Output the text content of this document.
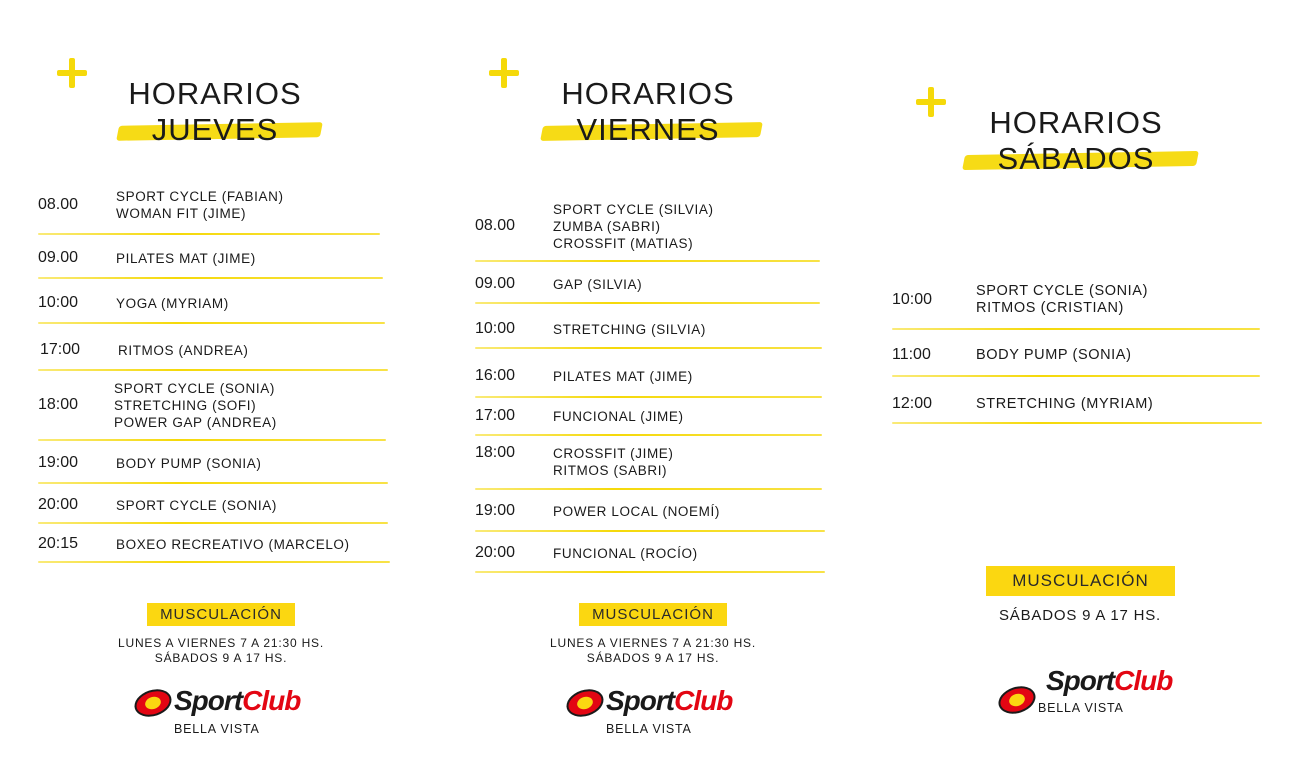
HORARIOS
JUEVES
08.00	SPORT CYCLE (FABIAN)
WOMAN FIT (JIME)
09.00	PILATES MAT (JIME)
10:00	YOGA (MYRIAM)
17:00	RITMOS (ANDREA)
18:00
SPORT CYCLE (SONIA)
STRETCHING (SOFI)
POWER GAP (ANDREA)
19:00	BODY PUMP (SONIA)
20:00	SPORT CYCLE (SONIA)
20:15	BOXEO RECREATIVO (MARCELO)
MUSCULACIÓN
LUNES A VIERNES 7 A 21:30 HS.
SÁBADOS 9 A 17 HS.
SportClub
BELLA VISTA
HORARIOS
VIERNES
08.00
SPORT CYCLE (SILVIA)
ZUMBA (SABRI)
CROSSFIT (MATIAS)
09.00	GAP (SILVIA)
10:00	STRETCHING (SILVIA)
16:00	PILATES MAT (JIME)
17:00	FUNCIONAL (JIME)
18:00	CROSSFIT (JIME)
RITMOS (SABRI)
19:00	POWER LOCAL (NOEMÍ)
20:00	FUNCIONAL (ROCÍO)
MUSCULACIÓN
LUNES A VIERNES 7 A 21:30 HS.
SÁBADOS 9 A 17 HS.
SportClub
BELLA VISTA
HORARIOS
SÁBADOS
10:00	SPORT CYCLE (SONIA)
RITMOS (CRISTIAN)
11:00	BODY PUMP (SONIA)
12:00	STRETCHING (MYRIAM)
MUSCULACIÓN
SÁBADOS 9 A 17 HS.
SportClub
BELLA VISTA
